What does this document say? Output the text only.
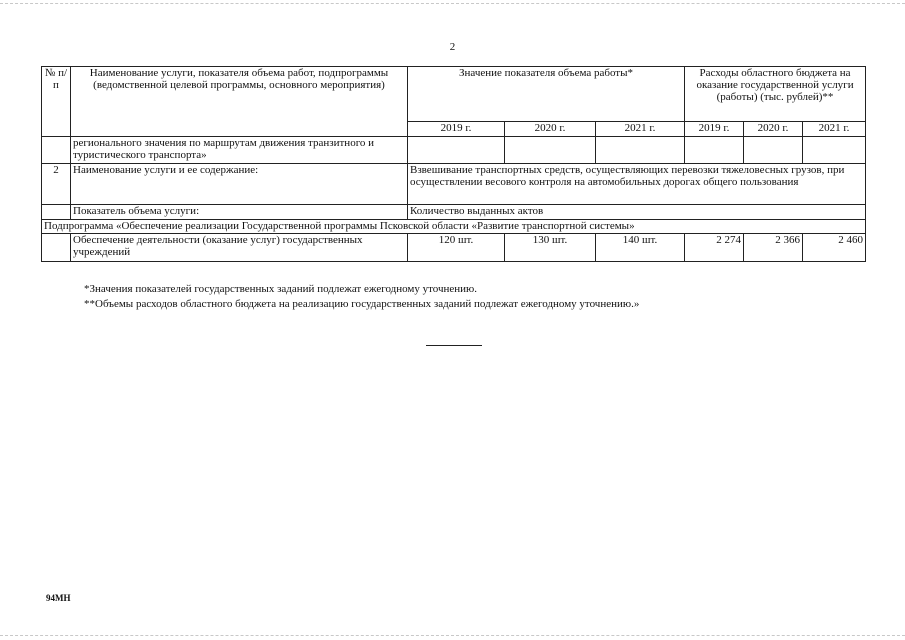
2
№ п/п	Наименование услуги, показателя объема работ, подпрограммы (ведомственной целевой программы, основного мероприятия)	Значение показателя объема работы*			Расходы областного бюджета на оказание государственной услуги (работы) (тыс. рублей)**		
		2019 г.	2020 г.	2021 г.	2019 г.	2020 г.	2021 г.
	регионального значения по маршрутам движения транзитного и туристического транспорта»						
2	Наименование услуги и ее содержание:	Взвешивание транспортных средств, осуществляющих перевозки тяжеловесных грузов, при осуществлении весового контроля на автомобильных дорогах общего пользования					
	Показатель объема услуги:	Количество выданных актов					
Подпрограмма «Обеспечение реализации Государственной программы Псковской области «Развитие транспортной системы»							
	Обеспечение деятельности (оказание услуг) государственных учреждений	120 шт.	130 шт.	140 шт.	2 274	2 366	2 460
*Значения показателей государственных заданий подлежат ежегодному уточнению.
**Объемы расходов областного бюджета на реализацию государственных заданий подлежат ежегодному уточнению.»
94МН
